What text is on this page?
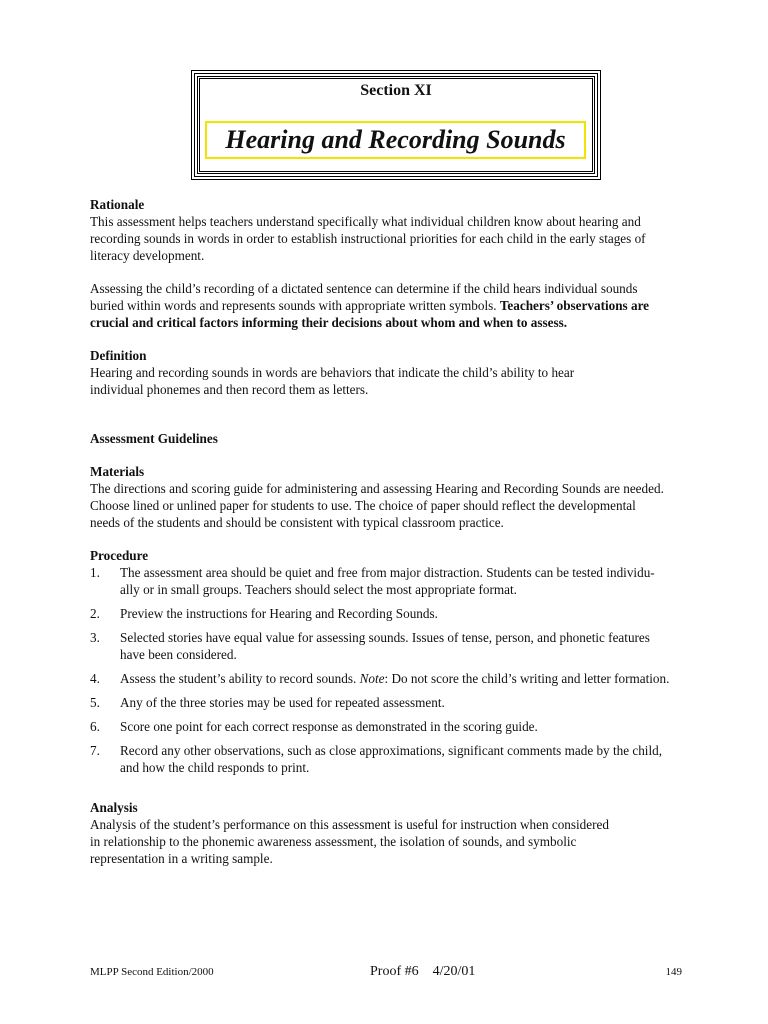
Section XI
Hearing and Recording Sounds

Rationale

This assessment helps teachers understand specifically what individual children know about hearing and

recording sounds in words in order to establish instructional priorities for each child in the early stages of

literacy development.

Assessing the child’s recording of a dictated sentence can determine if the child hears individual sounds

buried within words and represents sounds with appropriate written symbols. Teachers’ observations are

crucial and critical factors informing their decisions about whom and when to assess.

Definition

Hearing and recording sounds in words are behaviors that indicate the child’s ability to hear

individual phonemes and then record them as letters.

Assessment Guidelines

Materials

The directions and scoring guide for administering and assessing Hearing and Recording Sounds are needed.

Choose lined or unlined paper for students to use. The choice of paper should reflect the developmental

needs of the students and should be consistent with typical classroom practice.

Procedure

1. The assessment area should be quiet and free from major distraction. Students can be tested individu-
ally or in small groups. Teachers should select the most appropriate format.
2. Preview the instructions for Hearing and Recording Sounds.
3. Selected stories have equal value for assessing sounds. Issues of tense, person, and phonetic features
have been considered.
4. Assess the student’s ability to record sounds. Note: Do not score the child’s writing and letter formation.
5. Any of the three stories may be used for repeated assessment.
6. Score one point for each correct response as demonstrated in the scoring guide.
7. Record any other observations, such as close approximations, significant comments made by the child,
and how the child responds to print.

Analysis

Analysis of the student’s performance on this assessment is useful for instruction when considered

in relationship to the phonemic awareness assessment, the isolation of sounds, and symbolic

representation in a writing sample.

MLPP Second Edition/2000	Proof #6    4/20/01	149
